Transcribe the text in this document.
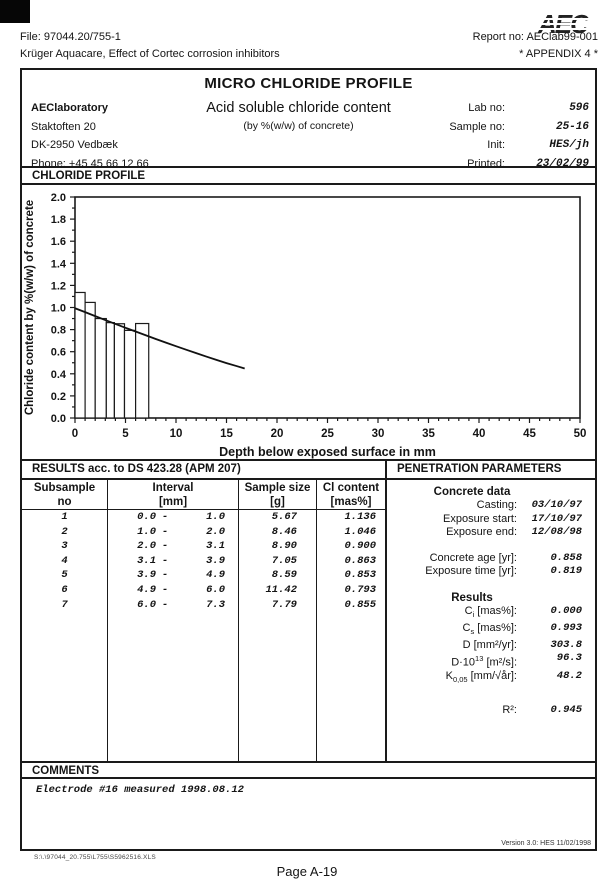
File: 97044.20/755-1	Report no: AEClab99-001
Krüger Aquacare, Effect of Cortec corrosion inhibitors	* APPENDIX 4 *
MICRO CHLORIDE PROFILE
AEClaboratory
Staktoften 20
DK-2950 Vedbæk
Phone: +45 45 66 12 66
Acid soluble chloride content
(by %(w/w) of concrete)
Lab no:	596
Sample no:	25-16
Init:	HES/jh
Printed:	23/02/99
CHLORIDE PROFILE
0.0
0.2
0.4
0.6
0.8
1.0
1.2
1.4
1.6
1.8
2.0
0	5	10	15	20	25	30	35	40	45	50
Chloride content by %(w/w) of concrete
Depth below exposed surface in mm
RESULTS acc. to DS 423.28 (APM 207)
Subsample
no
Interval
[mm]
Sample size
[g]
Cl content
[mas%]
1	0.0 -	1.0	5.67	1.136
2	1.0 -	2.0	8.46	1.046
3	2.0 -	3.1	8.90	0.900
4	3.1 -	3.9	7.05	0.863
5	3.9 -	4.9	8.59	0.853
6	4.9 -	6.0	11.42	0.793
7	6.0 -	7.3	7.79	0.855
PENETRATION PARAMETERS
Concrete data
Casting:	03/10/97
Exposure start:	17/10/97
Exposure end:	12/08/98
Concrete age [yr]:	0.858
Exposure time [yr]:	0.819
Results
$C_i$ [mas%]:	0.000
$C_s$ [mas%]:	0.993
D [mm²/yr]:	303.8
$D\cdot 10^{13}$ [m²/s]:	96.3
$K_{0,05}$ [mm/√år]:	48.2
R²:	0.945
COMMENTS
Electrode #16 measured 1998.08.12
Version 3.0: HES 11/02/1998
S:\.\97044_20.755\L755\S5962516.XLS
Page A-19
